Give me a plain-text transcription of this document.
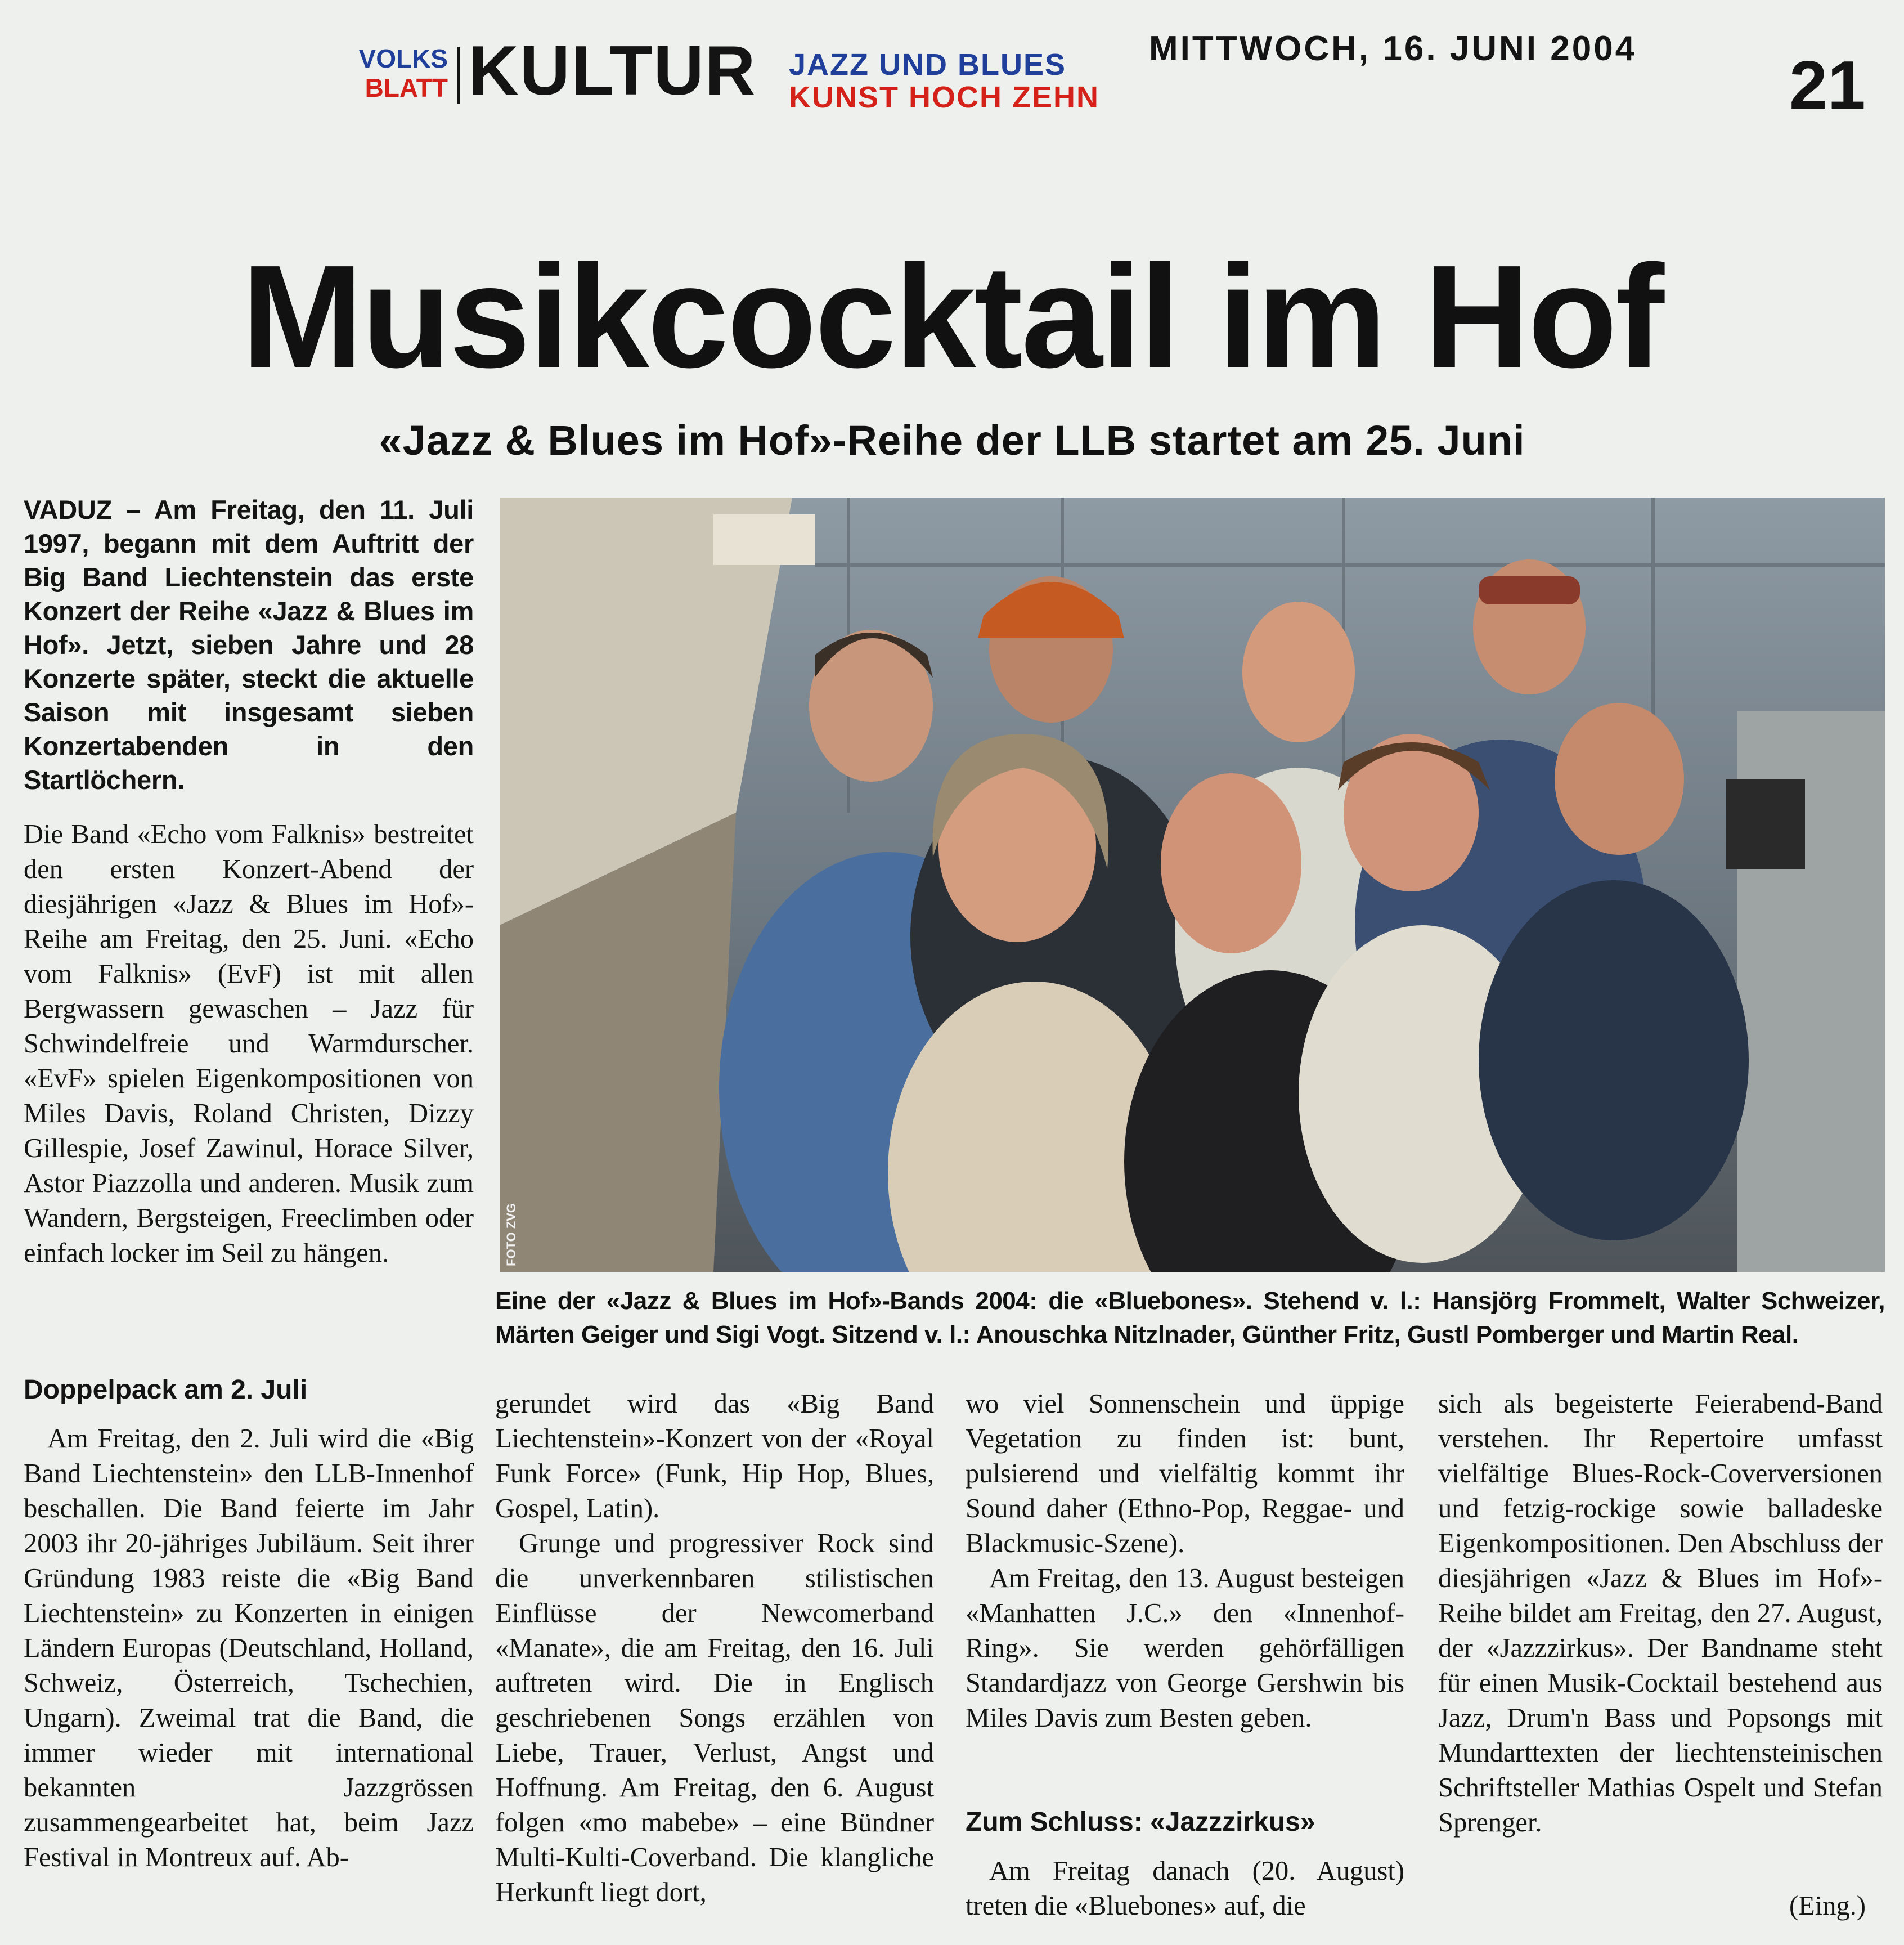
VOLKS
BLATT KULTUR JAZZ UND BLUES
KUNST HOCH ZEHN
MITTWOCH, 16. JUNI 2004 21
Musikcocktail im Hof
«Jazz & Blues im Hof»-Reihe der LLB startet am 25. Juni
FOTO ZVG
Eine der «Jazz & Blues im Hof»-Bands 2004: die «Bluebones». Stehend v. l.: Hansjörg Frommelt, Walter Schweizer, Märten Geiger und Sigi Vogt. Sitzend v. l.: Anouschka Nitzlnader, Günther Fritz, Gustl Pomberger und Martin Real.
VADUZ – Am Freitag, den 11. Juli 1997, begann mit dem Auftritt der Big Band Liechtenstein das erste Konzert der Reihe «Jazz & Blues im Hof». Jetzt, sieben Jahre und 28 Konzerte später, steckt die aktuelle Saison mit insgesamt sieben Konzertabenden in den Startlöchern.
Die Band «Echo vom Falknis» bestreitet den ersten Konzert-Abend der diesjährigen «Jazz & Blues im Hof»-Reihe am Freitag, den 25. Juni. «Echo vom Falknis» (EvF) ist mit allen Bergwassern gewaschen – Jazz für Schwindelfreie und Warmdurscher. «EvF» spielen Eigenkompositionen von Miles Davis, Roland Christen, Dizzy Gillespie, Josef Zawinul, Horace Silver, Astor Piazzolla und anderen. Musik zum Wandern, Bergsteigen, Freeclimben oder einfach locker im Seil zu hängen.
Doppelpack am 2. Juli

Am Freitag, den 2. Juli wird die «Big Band Liechtenstein» den LLB-Innenhof beschallen. Die Band feierte im Jahr 2003 ihr 20-jähriges Jubiläum. Seit ihrer Gründung 1983 reiste die «Big Band Liechtenstein» zu Konzerten in einigen Ländern Europas (Deutschland, Holland, Schweiz, Österreich, Tschechien, Ungarn). Zweimal trat die Band, die immer wieder mit international bekannten Jazzgrössen zusammengearbeitet hat, beim Jazz Festival in Montreux auf. Ab-

gerundet wird das «Big Band Liechtenstein»-Konzert von der «Royal Funk Force» (Funk, Hip Hop, Blues, Gospel, Latin).

Grunge und progressiver Rock sind die unverkennbaren stilistischen Einflüsse der Newcomerband «Manate», die am Freitag, den 16. Juli auftreten wird. Die in Englisch geschriebenen Songs erzählen von Liebe, Trauer, Verlust, Angst und Hoffnung. Am Freitag, den 6. August folgen «mo mabebe» – eine Bündner Multi-Kulti-Coverband. Die klangliche Herkunft liegt dort,

wo viel Sonnenschein und üppige Vegetation zu finden ist: bunt, pulsierend und vielfältig kommt ihr Sound daher (Ethno-Pop, Reggae- und Blackmusic-Szene).

Am Freitag, den 13. August besteigen «Manhatten J.C.» den «Innenhof-Ring». Sie werden gehörfälligen Standardjazz von George Gershwin bis Miles Davis zum Besten geben.

Zum Schluss: «Jazzzirkus»
Am Freitag danach (20. August) treten die «Bluebones» auf, die
sich als begeisterte Feierabend-Band verstehen. Ihr Repertoire umfasst vielfältige Blues-Rock-Coverversionen und fetzig-rockige sowie balladeske Eigenkompositionen. Den Abschluss der diesjährigen «Jazz & Blues im Hof»-Reihe bildet am Freitag, den 27. August, der «Jazzzirkus». Der Bandname steht für einen Musik-Cocktail bestehend aus Jazz, Drum'n Bass und Popsongs mit Mundarttexten der liechtensteinischen Schriftsteller Mathias Ospelt und Stefan Sprenger.
(Eing.)
